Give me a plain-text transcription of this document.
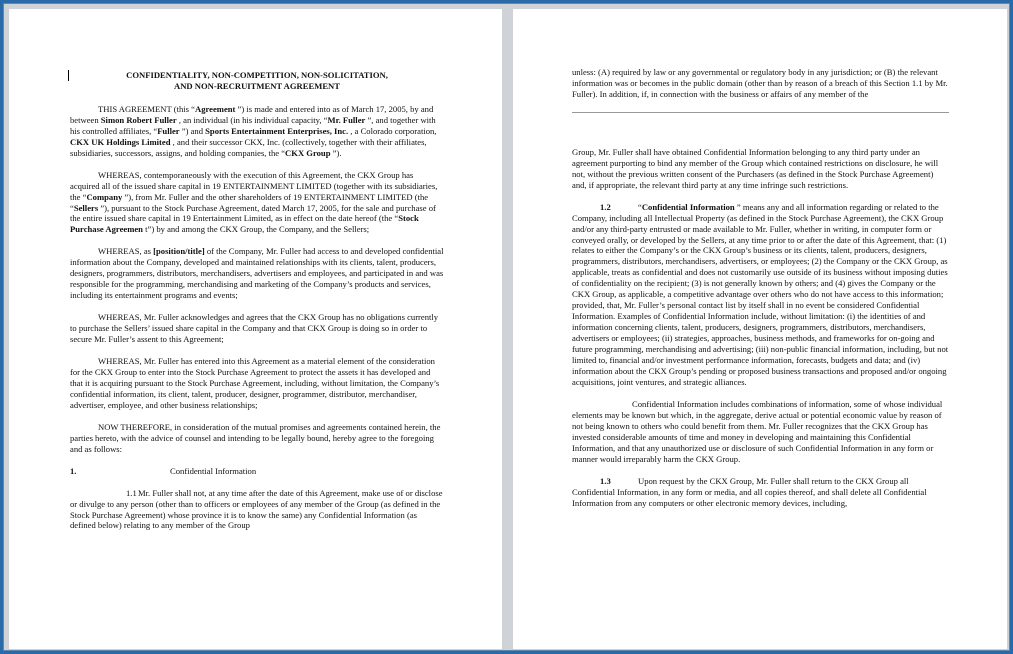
CONFIDENTIALITY, NON-COMPETITION, NON-SOLICITATION,
AND NON-RECRUITMENT AGREEMENT

THIS AGREEMENT (this “Agreement ”) is made and entered into as of March 17, 2005, by and between Simon Robert Fuller , an individual (in his individual capacity, “Mr. Fuller ”, and together with his controlled affiliates, “Fuller ”) and Sports Entertainment Enterprises, Inc. , a Colorado corporation, CKX UK Holdings Limited , and their successor CKX, Inc. (collectively, together with their affiliates, subsidiaries, successors, assigns, and holding companies, the “CKX Group ”).

WHEREAS, contemporaneously with the execution of this Agreement, the CKX Group has acquired all of the issued share capital in 19 ENTERTAINMENT LIMITED (together with its subsidiaries, the “Company ”), from Mr. Fuller and the other shareholders of 19 ENTERTAINMENT LIMITED (the “Sellers ”), pursuant to the Stock Purchase Agreement, dated March 17, 2005, for the sale and purchase of the entire issued share capital in 19 Entertainment Limited, as in effect on the date hereof (the “Stock Purchase Agreemen t”) by and among the CKX Group, the Company, and the Sellers;

WHEREAS, as [position/title] of the Company, Mr. Fuller had access to and developed confidential information about the Company, developed and maintained relationships with its clients, talent, producers, designers, programmers, distributors, merchandisers, advertisers and employees, and participated in and was responsible for the programming, merchandising and marketing of the Company’s products and services, including its entertainment programs and events;

WHEREAS, Mr. Fuller acknowledges and agrees that the CKX Group has no obligations currently to purchase the Sellers’ issued share capital in the Company and that CKX Group is doing so in order to secure Mr. Fuller’s assent to this Agreement;

WHEREAS, Mr. Fuller has entered into this Agreement as a material element of the consideration for the CKX Group to enter into the Stock Purchase Agreement to protect the assets it has developed and that it is acquiring pursuant to the Stock Purchase Agreement, including, without limitation, the Company’s confidential information, its client, talent, producer, designer, programmer, distributor, merchandiser, advertiser, employee, and other business relationships;

NOW THEREFORE, in consideration of the mutual promises and agreements contained herein, the parties hereto, with the advice of counsel and intending to be legally bound, hereby agree to the foregoing and as follows:

1.	Confidential Information

1.1Mr. Fuller shall not, at any time after the date of this Agreement, make use of or disclose or divulge to any person (other than to officers or employees of any member of the Group (as defined in the Stock Purchase Agreement) whose province it is to know the same) any Confidential Information (as defined below) relating to any member of the Group

unless: (A) required by law or any governmental or regulatory body in any jurisdiction; or (B) the relevant information was or becomes in the public domain (other than by reason of a breach of this Section 1.1 by Mr. Fuller). In addition, if, in connection with the business or affairs of any member of the

Group, Mr. Fuller shall have obtained Confidential Information belonging to any third party under an agreement purporting to bind any member of the Group which contained restrictions on disclosure, he will not, without the previous written consent of the Purchasers (as defined in the Stock Purchase Agreement) and, if appropriate, the relevant third party at any time infringe such restrictions.

1.2	“Confidential Information ” means any and all information regarding or related to the Company, including all Intellectual Property (as defined in the Stock Purchase Agreement), the CKX Group and/or any third-party entrusted or made available to Mr. Fuller, whether in writing, in computer form or conveyed orally, or developed by the Sellers, at any time prior to or after the date of this Agreement, that: (1) relates to either the Company’s or the CKX Group’s business or its clients, talent, producers, designers, programmers, distributors, merchandisers, advertisers, or employees; (2) the Company or the CKX Group, as applicable, treats as confidential and does not customarily use outside of its business without imposing duties of confidentiality on the recipient; (3) is not generally known by others; and (4) gives the Company or the CKX Group, as applicable, a competitive advantage over others who do not have access to this information; provided, that, Mr. Fuller’s personal contact list by itself shall in no event be considered Confidential Information. Examples of Confidential Information include, without limitation: (i) the identities of and information concerning clients, talent, producers, designers, programmers, distributors, merchandisers, advertisers or employees; (ii) strategies, approaches, business methods, and frameworks for on-going and future programming, merchandising and advertising; (iii) non-public financial information, including, but not limited to, financial and/or investment performance information, forecasts, budgets and data; and (iv) information about the CKX Group’s pending or proposed business transactions and proposed and/or ongoing acquisitions, joint ventures, and strategic alliances.

Confidential Information includes combinations of information, some of whose individual elements may be known but which, in the aggregate, derive actual or potential economic value by reason of not being known to others who could benefit from them. Mr. Fuller recognizes that the CKX Group has invested considerable amounts of time and money in developing and maintaining this Confidential Information, and that any unauthorized use or disclosure of such Confidential Information in any form or manner would irreparably harm the CKX Group.

1.3	Upon request by the CKX Group, Mr. Fuller shall return to the CKX Group all Confidential Information, in any form or media, and all copies thereof, and shall delete all Confidential Information from any computers or other electronic memory devices, including,
